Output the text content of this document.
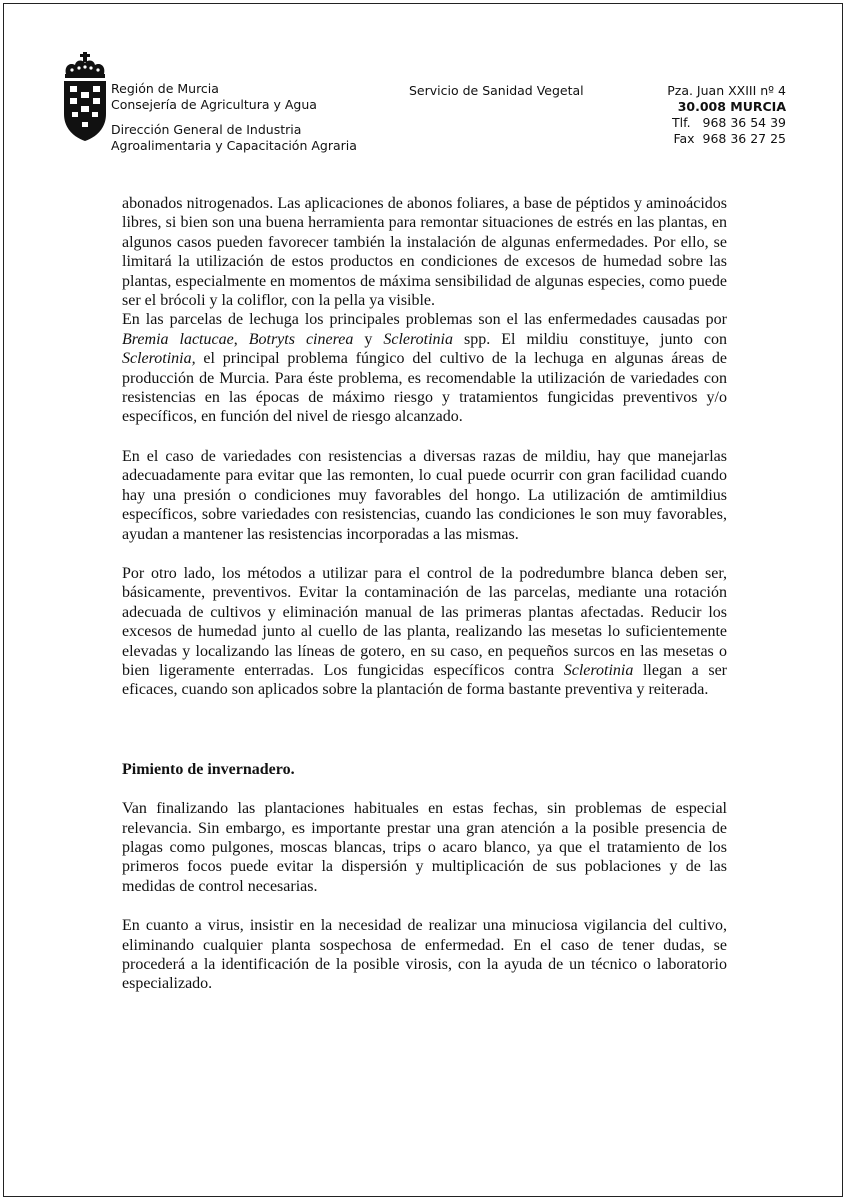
Región de Murcia
Consejería de Agricultura y Agua
Dirección General de Industria
Agroalimentaria y Capacitación Agraria
Servicio de Sanidad Vegetal	Pza. Juan XXIII nº 4
30.008 MURCIA
Tlf.   968 36 54 39
Fax  968 36 27 25

abonados nitrogenados. Las aplicaciones de abonos foliares, a base de péptidos y aminoácidos libres, si bien son una buena herramienta para remontar situaciones de estrés en las plantas, en algunos casos pueden favorecer también la instalación de algunas enfermedades. Por ello, se limitará la utilización de estos productos en condiciones de excesos de humedad sobre las plantas, especialmente en momentos de máxima sensibilidad de algunas especies, como puede ser el brócoli y la coliflor, con la pella ya visible.

En las parcelas de lechuga los principales problemas son el las enfermedades causadas por Bremia lactucae, Botryts cinerea y Sclerotinia spp. El mildiu constituye, junto con Sclerotinia, el principal problema fúngico del cultivo de la lechuga en algunas áreas de producción de Murcia. Para éste problema, es recomendable la utilización de variedades con resistencias en las épocas de máximo riesgo y tratamientos fungicidas preventivos y/o específicos, en función del nivel de riesgo alcanzado.

En el caso de variedades con resistencias a diversas razas de mildiu, hay que manejarlas adecuadamente para evitar que las remonten, lo cual puede ocurrir con gran facilidad cuando hay una presión o condiciones muy favorables del hongo. La utilización de amtimildius específicos, sobre variedades con resistencias, cuando las condiciones le son muy favorables, ayudan a mantener las resistencias incorporadas a las mismas.

Por otro lado, los métodos a utilizar para el control de la podredumbre blanca deben ser, básicamente, preventivos. Evitar la contaminación de las parcelas, mediante una rotación adecuada de cultivos y eliminación manual de las primeras plantas afectadas. Reducir los excesos de humedad junto al cuello de las planta, realizando las mesetas lo suficientemente elevadas y localizando las líneas de gotero, en su caso, en pequeños surcos en las mesetas o bien ligeramente enterradas. Los fungicidas específicos contra Sclerotinia llegan a ser eficaces, cuando son aplicados sobre la plantación de forma bastante preventiva y reiterada.

Pimiento de invernadero.

Van finalizando las plantaciones habituales en estas fechas, sin problemas de especial relevancia. Sin embargo, es importante prestar una gran atención a la posible presencia de plagas como pulgones, moscas blancas, trips o acaro blanco, ya que el tratamiento de los primeros focos puede evitar la dispersión y multiplicación de sus poblaciones y de las medidas de control necesarias.

En cuanto a virus, insistir en la necesidad de realizar una minuciosa vigilancia del cultivo, eliminando cualquier planta sospechosa de enfermedad. En el caso de tener dudas, se procederá a la identificación de la posible virosis, con la ayuda de un técnico o laboratorio especializado.
